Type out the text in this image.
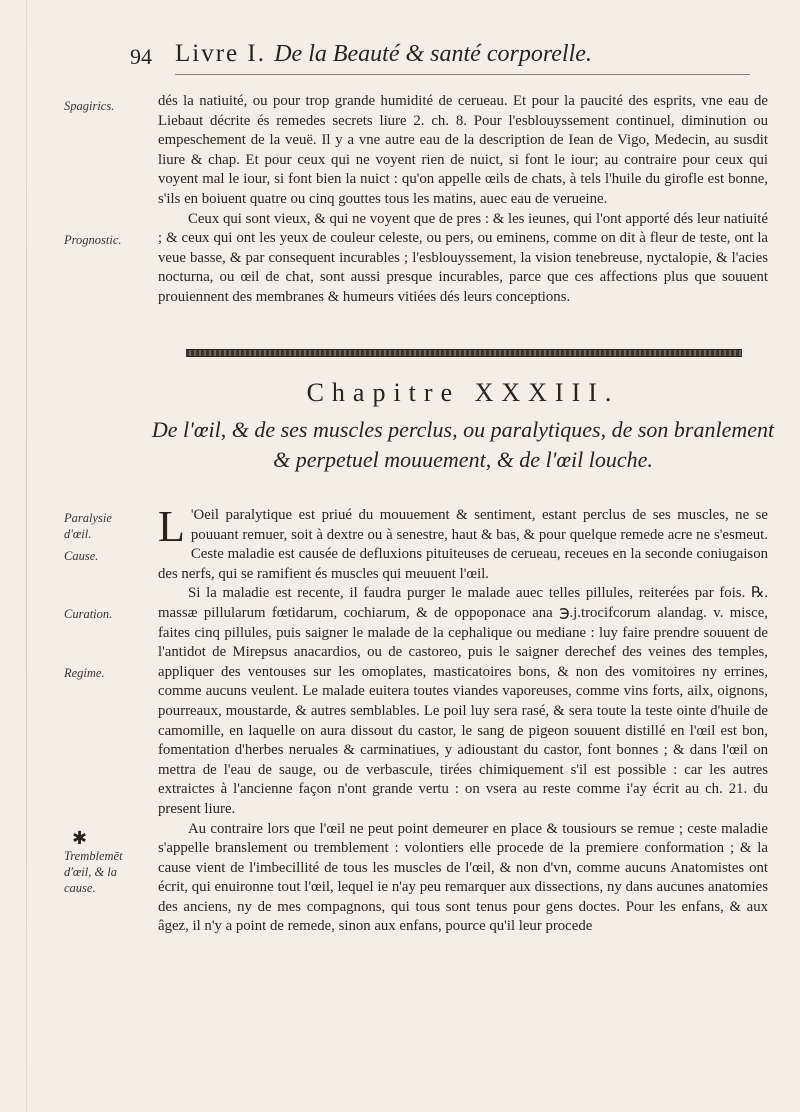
94 Livre I. De la Beauté & santé corporelle.
Spagirics.
Prognostic.
Paralysie d'œil.
Cause.
Curation.
Regime.
Tremblemēt d'œil, & la cause.
✱

dés la natiuité, ou pour trop grande humidité de cerueau. Et pour la paucité des esprits, vne eau de Liebaut décrite és remedes secrets liure 2. ch. 8. Pour l'esblouyssement continuel, diminution ou empeschement de la veuë. Il y a vne autre eau de la description de Iean de Vigo, Medecin, au susdit liure & chap. Et pour ceux qui ne voyent rien de nuict, si font le iour; au contraire pour ceux qui voyent mal le iour, si font bien la nuict : qu'on appelle œils de chats, à tels l'huile du girofle est bonne, s'ils en boiuent quatre ou cinq gouttes tous les matins, auec eau de verueine.

Ceux qui sont vieux, & qui ne voyent que de pres : & les ieunes, qui l'ont apporté dés leur natiuité ; & ceux qui ont les yeux de couleur celeste, ou pers, ou eminens, comme on dit à fleur de teste, ont la veue basse, & par consequent incurables ; l'esblouyssement, la vision tenebreuse, nyctalopie, & l'acies nocturna, ou œil de chat, sont aussi presque incurables, parce que ces affections plus que souuent prouiennent des membranes & humeurs vitiées dés leurs conceptions.

Chapitre XXXIII.
De l'œil, & de ses muscles perclus, ou paralytiques, de son branlement & perpetuel mouuement, & de l'œil louche.

L 'Oeil paralytique est priué du mouuement & sentiment, estant perclus de ses muscles, ne se pouuant remuer, soit à dextre ou à senestre, haut & bas, & pour quelque remede acre ne s'esmeut. Ceste maladie est causée de defluxions pituiteuses de cerueau, receues en la seconde coniugaison des nerfs, qui se ramifient és muscles qui meuuent l'œil.

Si la maladie est recente, il faudra purger le malade auec telles pillules, reiterées par fois. ℞. massæ pillularum fœtidarum, cochiarum, & de oppoponace ana ℈.j.trocifcorum alandag. v. misce, faites cinq pillules, puis saigner le malade de la cephalique ou mediane : luy faire prendre souuent de l'antidot de Mirepsus anacardios, ou de castoreo, puis le saigner derechef des veines des temples, appliquer des ventouses sur les omoplates, masticatoires bons, & non des vomitoires ny errines, comme aucuns veulent. Le malade euitera toutes viandes vaporeuses, comme vins forts, ailx, oignons, pourreaux, moustarde, & autres semblables. Le poil luy sera rasé, & sera toute la teste ointe d'huile de camomille, en laquelle on aura dissout du castor, le sang de pigeon souuent distillé en l'œil est bon, fomentation d'herbes neruales & carminatiues, y adioustant du castor, font bonnes ; & dans l'œil on mettra de l'eau de sauge, ou de verbascule, tirées chimiquement s'il est possible : car les autres extraictes à l'ancienne façon n'ont grande vertu : on vsera au reste comme i'ay écrit au ch. 21. du present liure.

Au contraire lors que l'œil ne peut point demeurer en place & tousiours se remue ; ceste maladie s'appelle branslement ou tremblement : volontiers elle procede de la premiere conformation ; & la cause vient de l'imbecillité de tous les muscles de l'œil, & non d'vn, comme aucuns Anatomistes ont écrit, qui enuironne tout l'œil, lequel ie n'ay peu remarquer aux dissections, ny dans aucunes anatomies des anciens, ny de mes compagnons, qui tous sont tenus pour gens doctes. Pour les enfans, & aux âgez, il n'y a point de remede, sinon aux enfans, pource qu'il leur procede
